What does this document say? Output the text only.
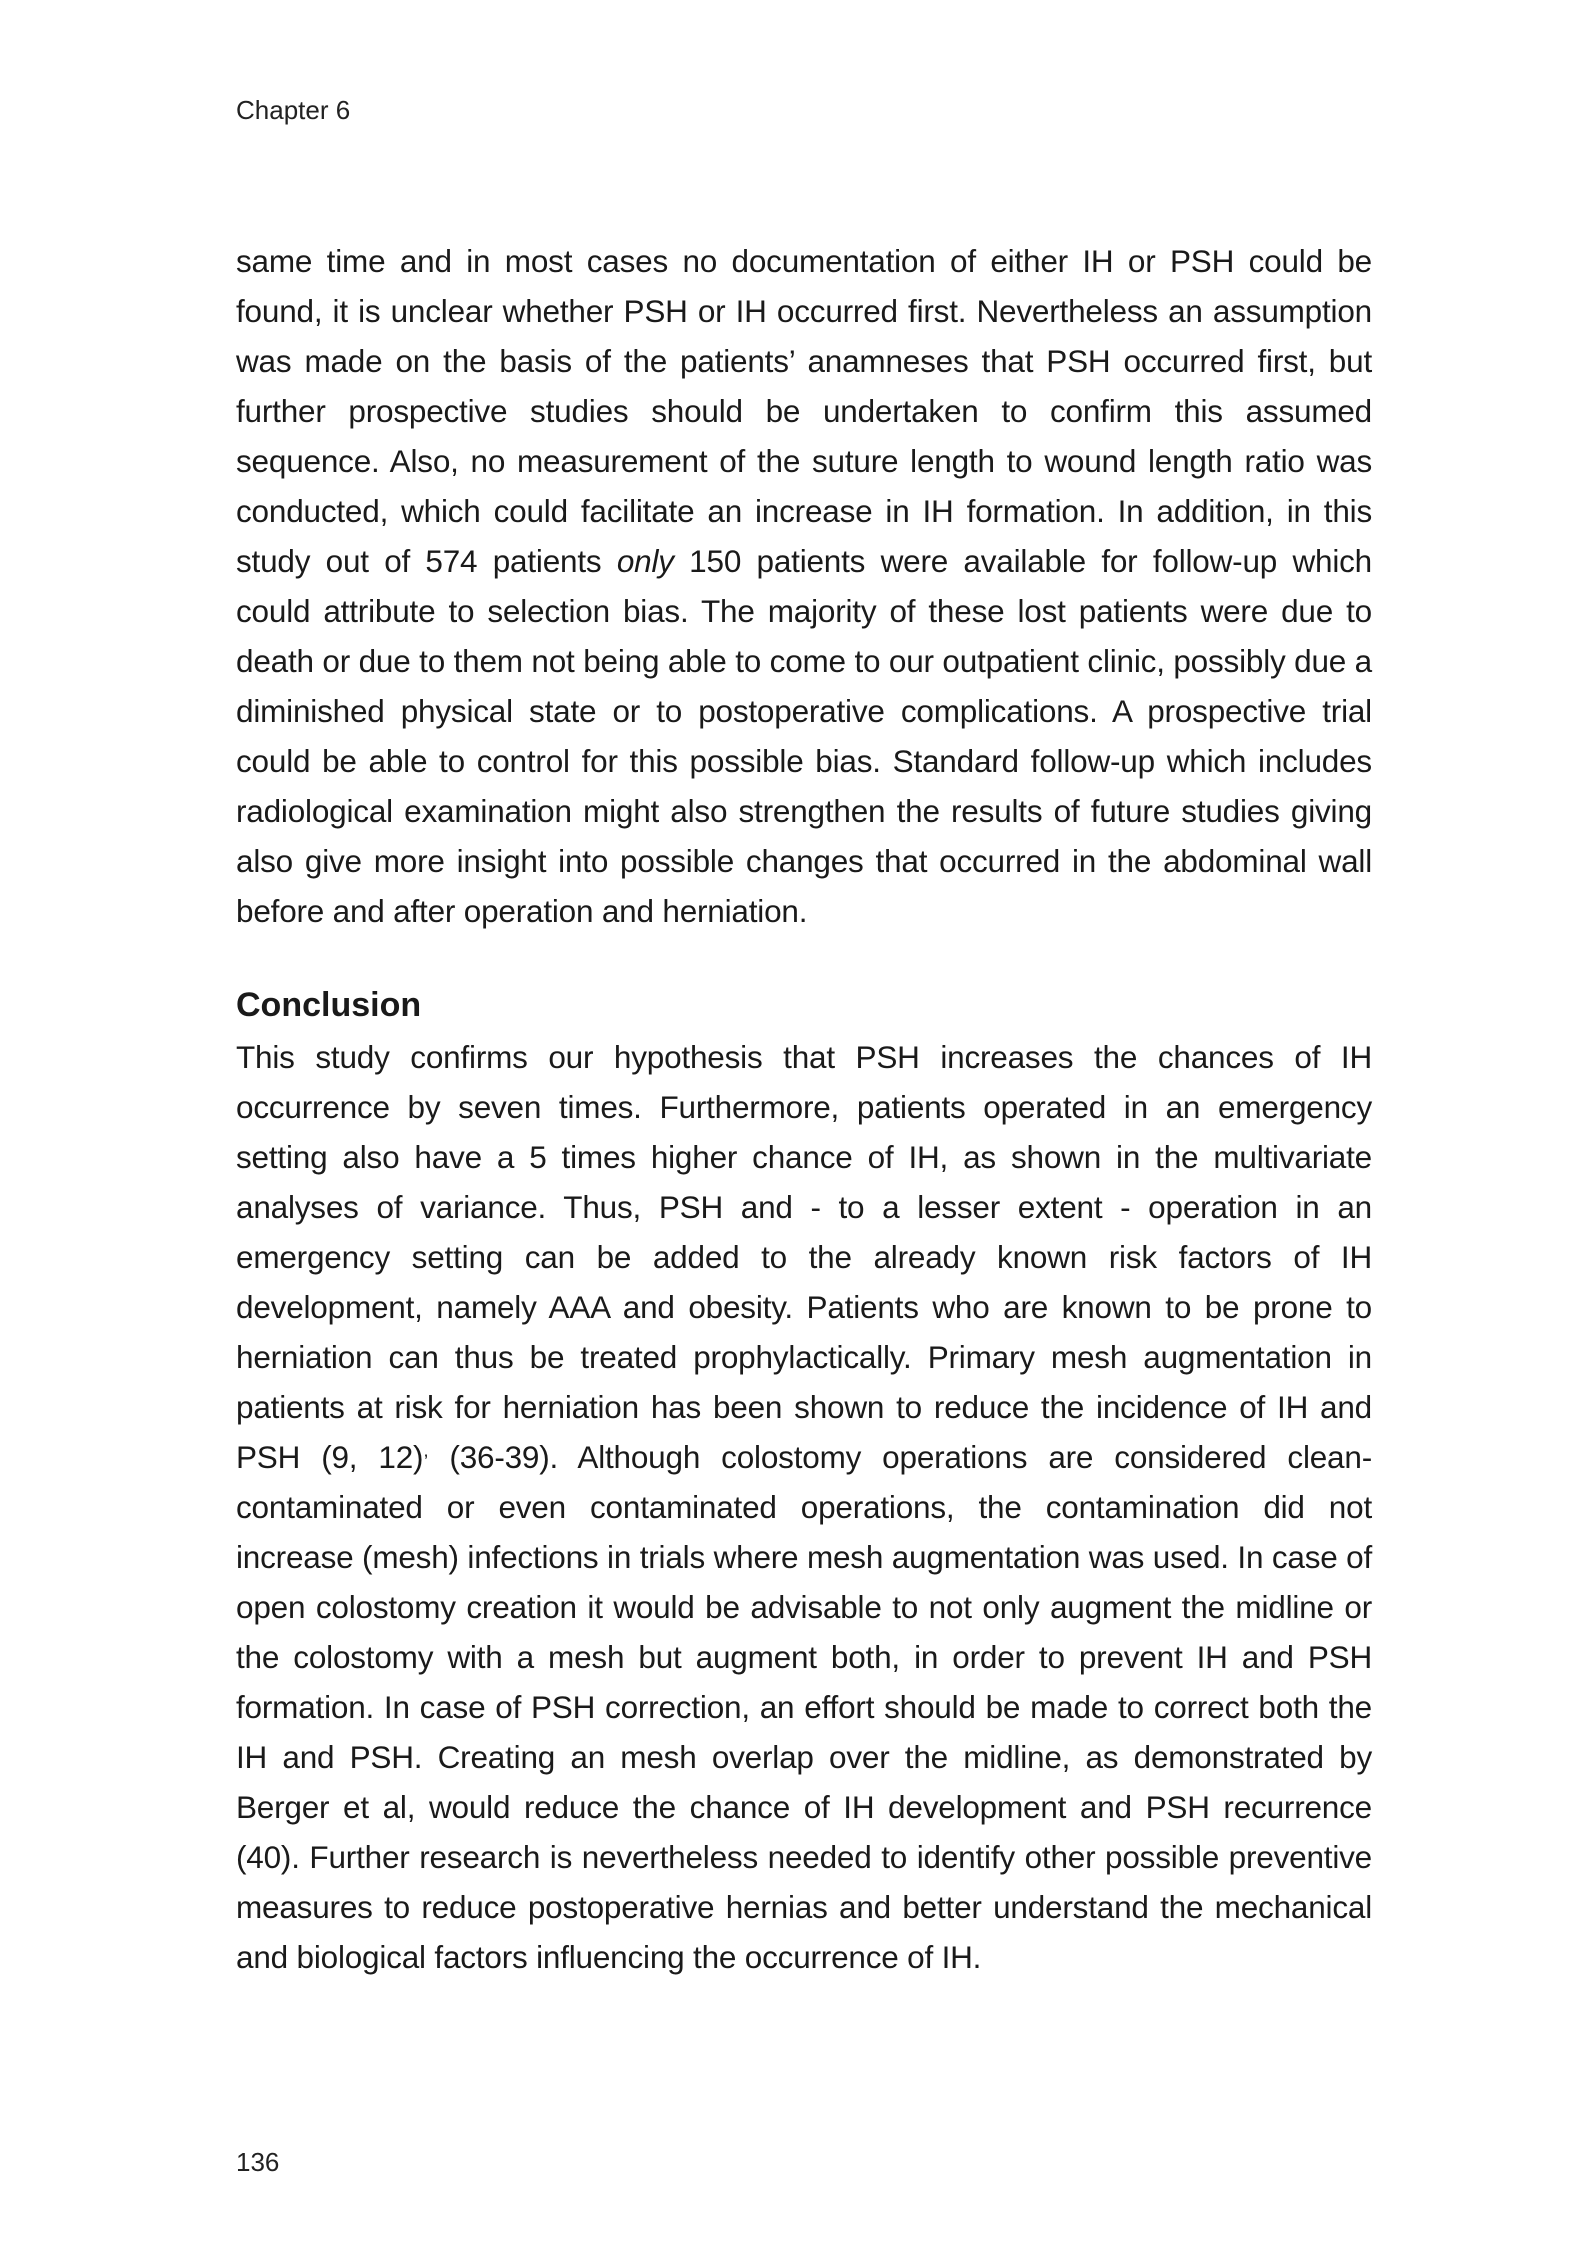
Chapter 6

same time and in most cases no documentation of either IH or PSH could be found, it is unclear whether PSH or IH occurred first. Nevertheless an assumption was made on the basis of the patients’ anamneses that PSH occurred first, but further prospective studies should be undertaken to confirm this assumed sequence. Also, no measurement of the suture length to wound length ratio was conducted, which could facilitate an increase in IH formation. In addition, in this study out of 574 patients only 150 patients were available for follow-up which could attribute to selection bias. The majority of these lost patients were due to death or due to them not being able to come to our outpatient clinic, possibly due a diminished physical state or to postoperative complications. A prospective trial could be able to control for this possible bias. Standard follow-up which includes radiological examination might also strengthen the results of future studies giving also give more insight into possible changes that occurred in the abdominal wall before and after operation and herniation.

Conclusion

This study confirms our hypothesis that PSH increases the chances of IH occurrence by seven times. Furthermore, patients operated in an emergency setting also have a 5 times higher chance of IH, as shown in the multivariate analyses of variance. Thus, PSH and - to a lesser extent - operation in an emergency setting can be added to the already known risk factors of IH development, namely AAA and obesity. Patients who are known to be prone to herniation can thus be treated prophylactically. Primary mesh augmentation in patients at risk for herniation has been shown to reduce the incidence of IH and PSH (9, 12), (36-39). Although colostomy operations are considered clean-contaminated or even contaminated operations, the contamination did not increase (mesh) infections in trials where mesh augmentation was used. In case of open colostomy creation it would be advisable to not only augment the midline or the colostomy with a mesh but augment both, in order to prevent IH and PSH formation. In case of PSH correction, an effort should be made to correct both the IH and PSH. Creating an mesh overlap over the midline, as demonstrated by Berger et al, would reduce the chance of IH development and PSH recurrence (40). Further research is nevertheless needed to identify other possible preventive measures to reduce postoperative hernias and better understand the mechanical and biological factors influencing the occurrence of IH.

136
